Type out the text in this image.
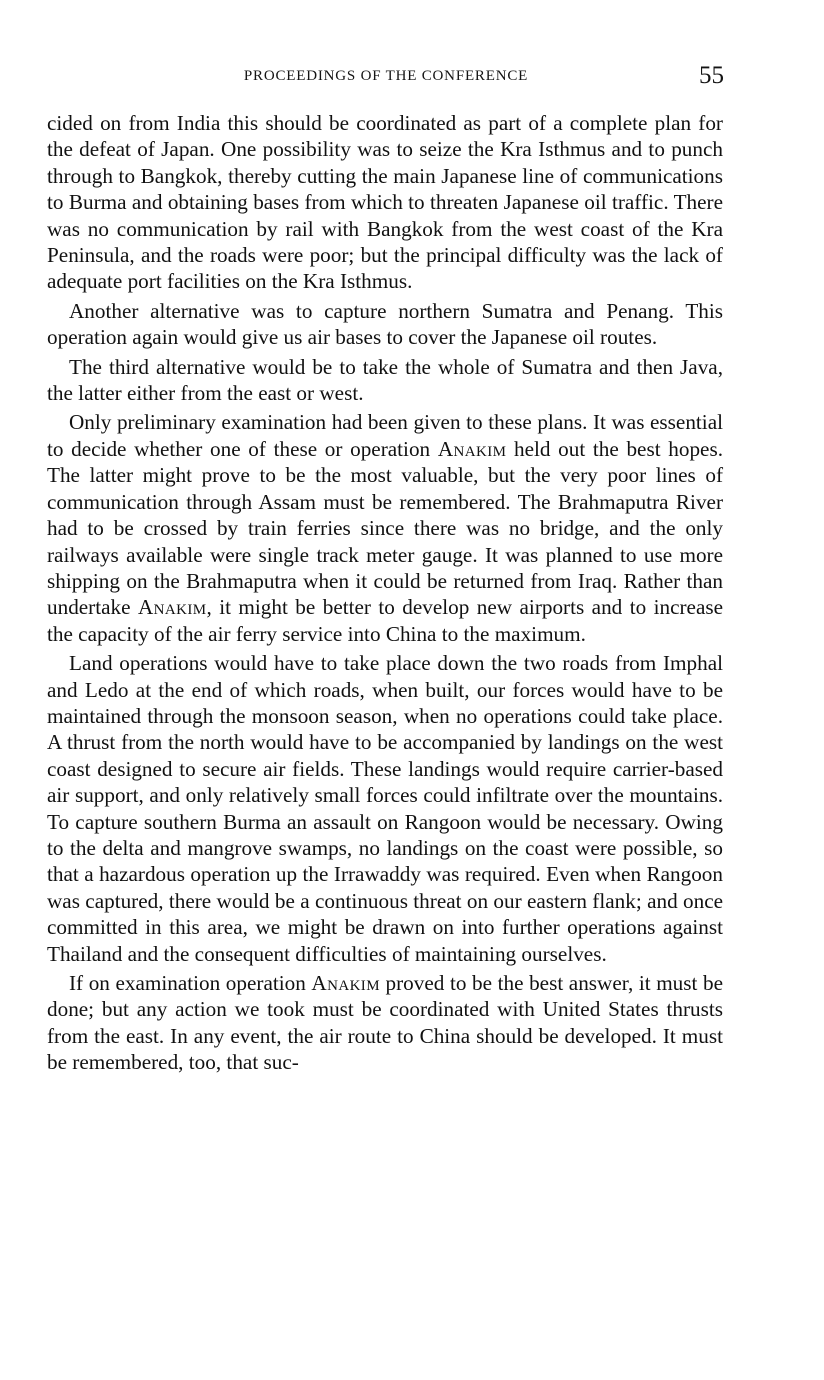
PROCEEDINGS OF THE CONFERENCE	55

cided on from India this should be coordinated as part of a complete plan for the defeat of Japan. One possibility was to seize the Kra Isthmus and to punch through to Bangkok, thereby cutting the main Japanese line of communications to Burma and obtaining bases from which to threaten Japanese oil traffic. There was no communication by rail with Bangkok from the west coast of the Kra Peninsula, and the roads were poor; but the principal difficulty was the lack of adequate port facilities on the Kra Isthmus.

Another alternative was to capture northern Sumatra and Penang. This operation again would give us air bases to cover the Japanese oil routes.

The third alternative would be to take the whole of Sumatra and then Java, the latter either from the east or west.

Only preliminary examination had been given to these plans. It was essential to decide whether one of these or operation Anakim held out the best hopes. The latter might prove to be the most valuable, but the very poor lines of communication through Assam must be remembered. The Brahmaputra River had to be crossed by train ferries since there was no bridge, and the only railways available were single track meter gauge. It was planned to use more shipping on the Brahmaputra when it could be returned from Iraq. Rather than undertake Anakim, it might be better to develop new airports and to increase the capacity of the air ferry service into China to the maximum.

Land operations would have to take place down the two roads from Imphal and Ledo at the end of which roads, when built, our forces would have to be maintained through the monsoon season, when no operations could take place. A thrust from the north would have to be accompanied by landings on the west coast designed to secure air fields. These landings would require carrier-based air support, and only relatively small forces could infiltrate over the mountains. To capture southern Burma an assault on Rangoon would be necessary. Owing to the delta and mangrove swamps, no landings on the coast were possible, so that a hazardous operation up the Irrawaddy was required. Even when Rangoon was captured, there would be a continuous threat on our eastern flank; and once committed in this area, we might be drawn on into further operations against Thailand and the consequent difficulties of maintaining ourselves.

If on examination operation Anakim proved to be the best answer, it must be done; but any action we took must be coordinated with United States thrusts from the east. In any event, the air route to China should be developed. It must be remembered, too, that suc-
